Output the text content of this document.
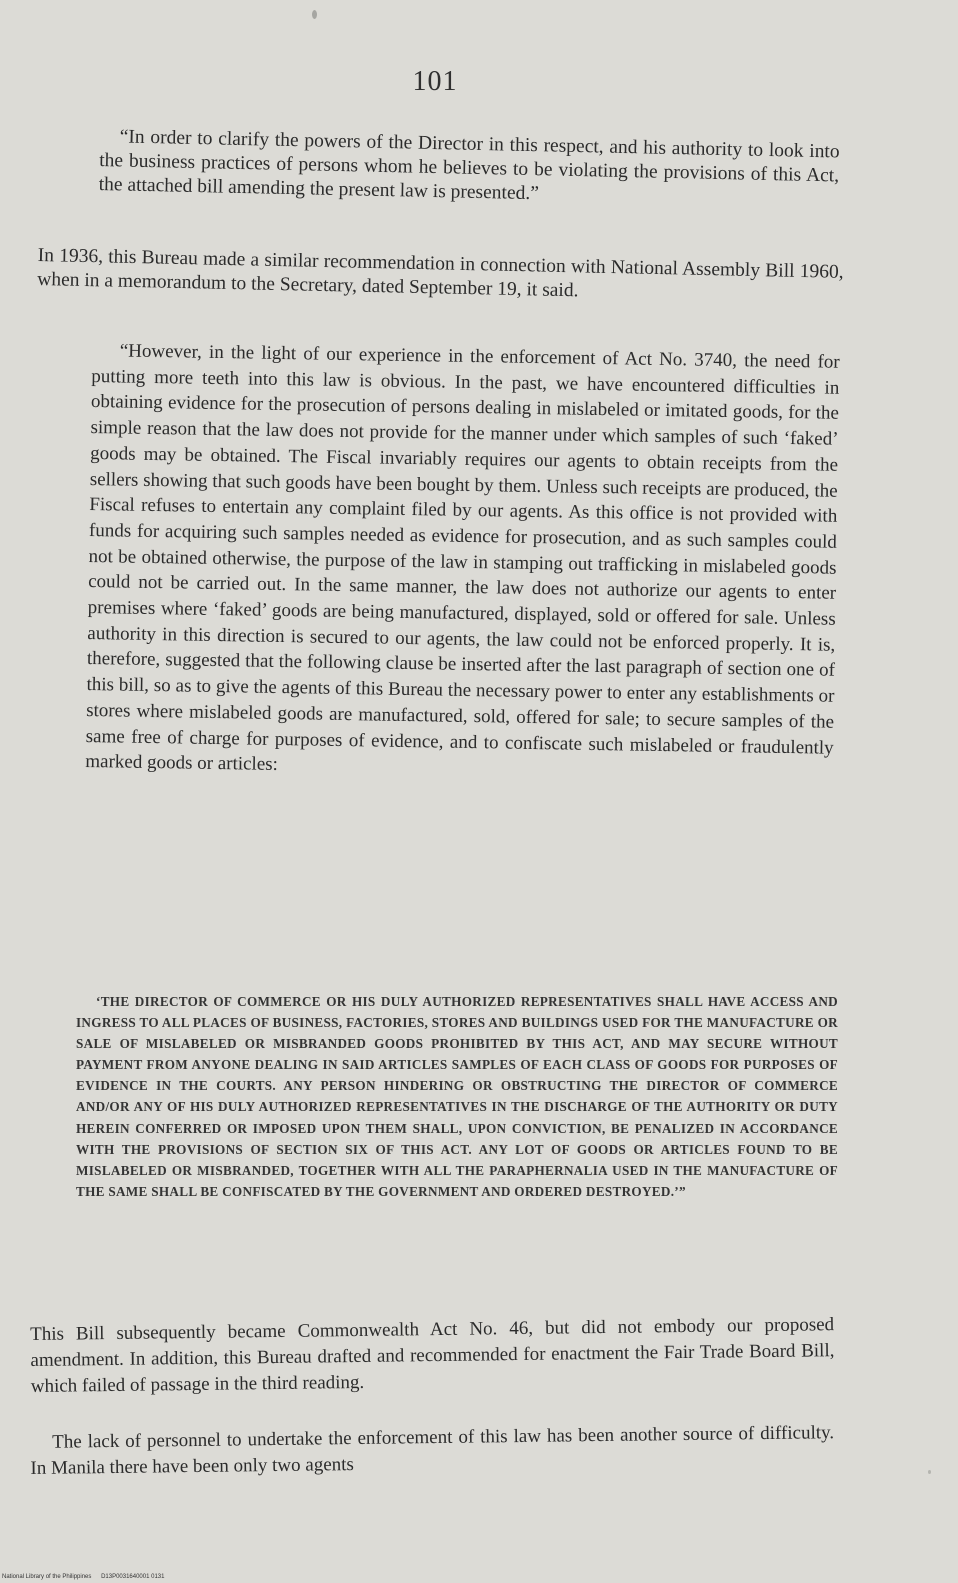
101

“In order to clarify the powers of the Director in this respect, and his authority to look into the business practices of persons whom he believes to be violating the provisions of this Act, the attached bill amending the present law is presented.”

In 1936, this Bureau made a similar recommendation in connection with National Assembly Bill 1960, when in a memorandum to the Secretary, dated September 19, it said.

“However, in the light of our experience in the enforcement of Act No. 3740, the need for putting more teeth into this law is obvious. In the past, we have encountered difficulties in obtaining evidence for the prosecution of persons dealing in mislabeled or imitated goods, for the simple reason that the law does not provide for the manner under which samples of such ‘faked’ goods may be obtained. The Fiscal invariably requires our agents to obtain receipts from the sellers showing that such goods have been bought by them. Unless such receipts are produced, the Fiscal refuses to entertain any complaint filed by our agents. As this office is not provided with funds for acquiring such samples needed as evidence for prosecution, and as such samples could not be obtained otherwise, the purpose of the law in stamping out trafficking in mislabeled goods could not be carried out. In the same manner, the law does not authorize our agents to enter premises where ‘faked’ goods are being manufactured, displayed, sold or offered for sale. Unless authority in this direction is secured to our agents, the law could not be enforced properly. It is, therefore, suggested that the following clause be inserted after the last paragraph of section one of this bill, so as to give the agents of this Bureau the necessary power to enter any establishments or stores where mislabeled goods are manufactured, sold, offered for sale; to secure samples of the same free of charge for purposes of evidence, and to confiscate such mislabeled or fraudulently marked goods or articles:

‘THE DIRECTOR OF COMMERCE OR HIS DULY AUTHORIZED REPRESENTATIVES SHALL HAVE ACCESS AND INGRESS TO ALL PLACES OF BUSINESS, FACTORIES, STORES AND BUILDINGS USED FOR THE MANUFACTURE OR SALE OF MISLABELED OR MISBRANDED GOODS PROHIBITED BY THIS ACT, AND MAY SECURE WITHOUT PAYMENT FROM ANYONE DEALING IN SAID ARTICLES SAMPLES OF EACH CLASS OF GOODS FOR PURPOSES OF EVIDENCE IN THE COURTS. ANY PERSON HINDERING OR OBSTRUCTING THE DIRECTOR OF COMMERCE AND/OR ANY OF HIS DULY AUTHORIZED REPRESENTATIVES IN THE DISCHARGE OF THE AUTHORITY OR DUTY HEREIN CONFERRED OR IMPOSED UPON THEM SHALL, UPON CONVICTION, BE PENALIZED IN ACCORDANCE WITH THE PROVISIONS OF SECTION SIX OF THIS ACT. ANY LOT OF GOODS OR ARTICLES FOUND TO BE MISLABELED OR MISBRANDED, TOGETHER WITH ALL THE PARAPHERNALIA USED IN THE MANUFACTURE OF THE SAME SHALL BE CONFISCATED BY THE GOVERNMENT AND ORDERED DESTROYED.’”

This Bill subsequently became Commonwealth Act No. 46, but did not embody our proposed amendment. In addition, this Bureau drafted and recommended for enactment the Fair Trade Board Bill, which failed of passage in the third reading.

The lack of personnel to undertake the enforcement of this law has been another source of difficulty. In Manila there have been only two agents

National Library of the Philippines D13P0031640001 0131
